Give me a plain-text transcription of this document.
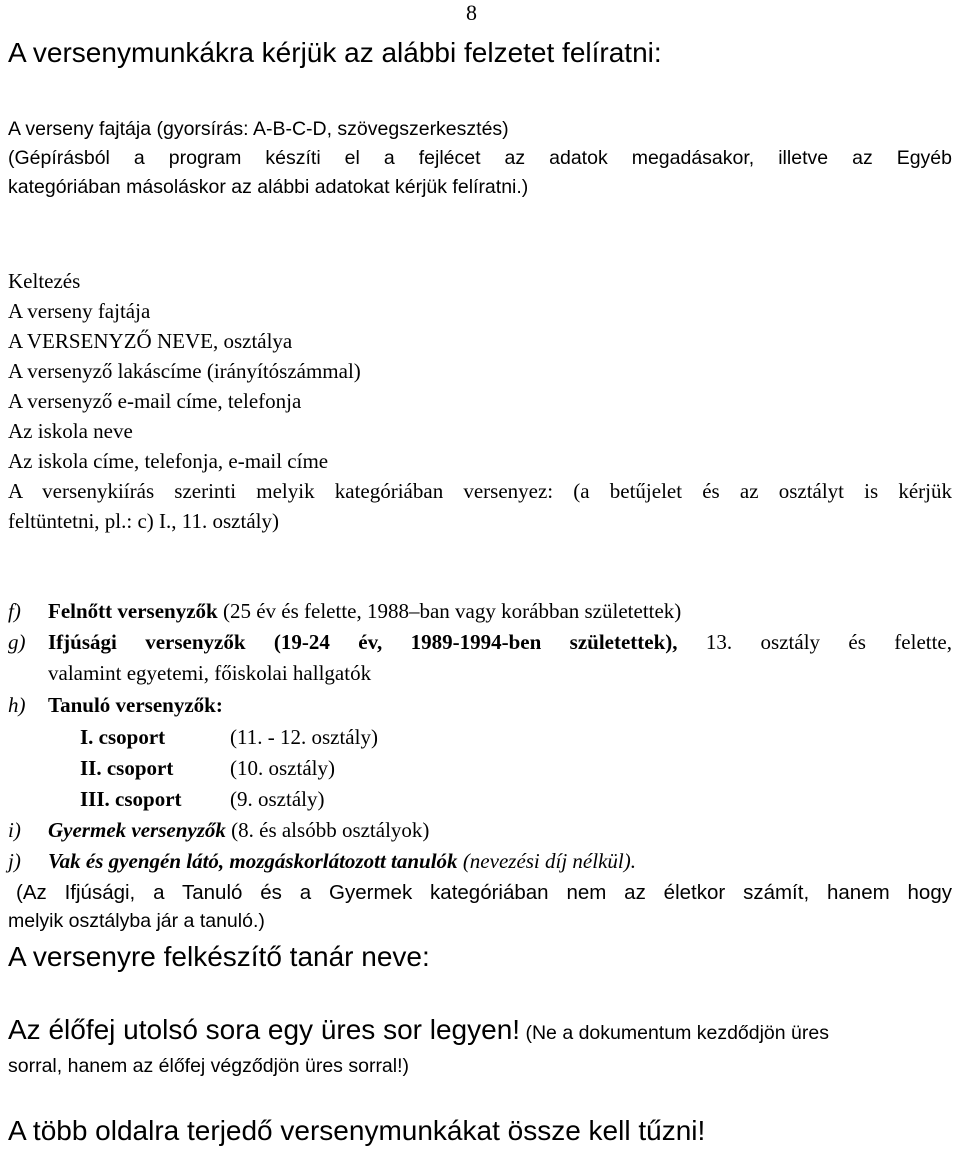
8
A versenymunkákra kérjük az alábbi felzetet felíratni:
A verseny fajtája (gyorsírás: A-B-C-D, szövegszerkesztés)
(Gépírásból a program készíti el a fejlécet az adatok megadásakor, illetve az Egyéb
kategóriában másoláskor az alábbi adatokat kérjük felíratni.)
Keltezés
A verseny fajtája
A VERSENYZŐ NEVE, osztálya
A versenyző lakáscíme (irányítószámmal)
A versenyző e-mail címe, telefonja
Az iskola neve
Az iskola címe, telefonja, e-mail címe
A versenykiírás szerinti melyik kategóriában versenyez: (a betűjelet és az osztályt is kérjük
feltüntetni, pl.: c) I., 11. osztály)
f) Felnőtt versenyzők (25 év és felette, 1988–ban vagy korábban születettek)
g) Ifjúsági versenyzők (19-24 év, 1989-1994-ben születettek), 13. osztály és felette,
valamint egyetemi, főiskolai hallgatók
h) Tanuló versenyzők:
I. csoport	(11. - 12. osztály)
II. csoport	(10. osztály)
III. csoport (9. osztály)
i) Gyermek versenyzők (8. és alsóbb osztályok)
j) Vak és gyengén látó, mozgáskorlátozott tanulók (nevezési díj nélkül).
(Az Ifjúsági, a Tanuló és a Gyermek kategóriában nem az életkor számít, hanem hogy
melyik osztályba jár a tanuló.)
A versenyre felkészítő tanár neve:
Az élőfej utolsó sora egy üres sor legyen! (Ne a dokumentum kezdődjön üres
sorral, hanem az élőfej végződjön üres sorral!)
A több oldalra terjedő versenymunkákat össze kell tűzni!
